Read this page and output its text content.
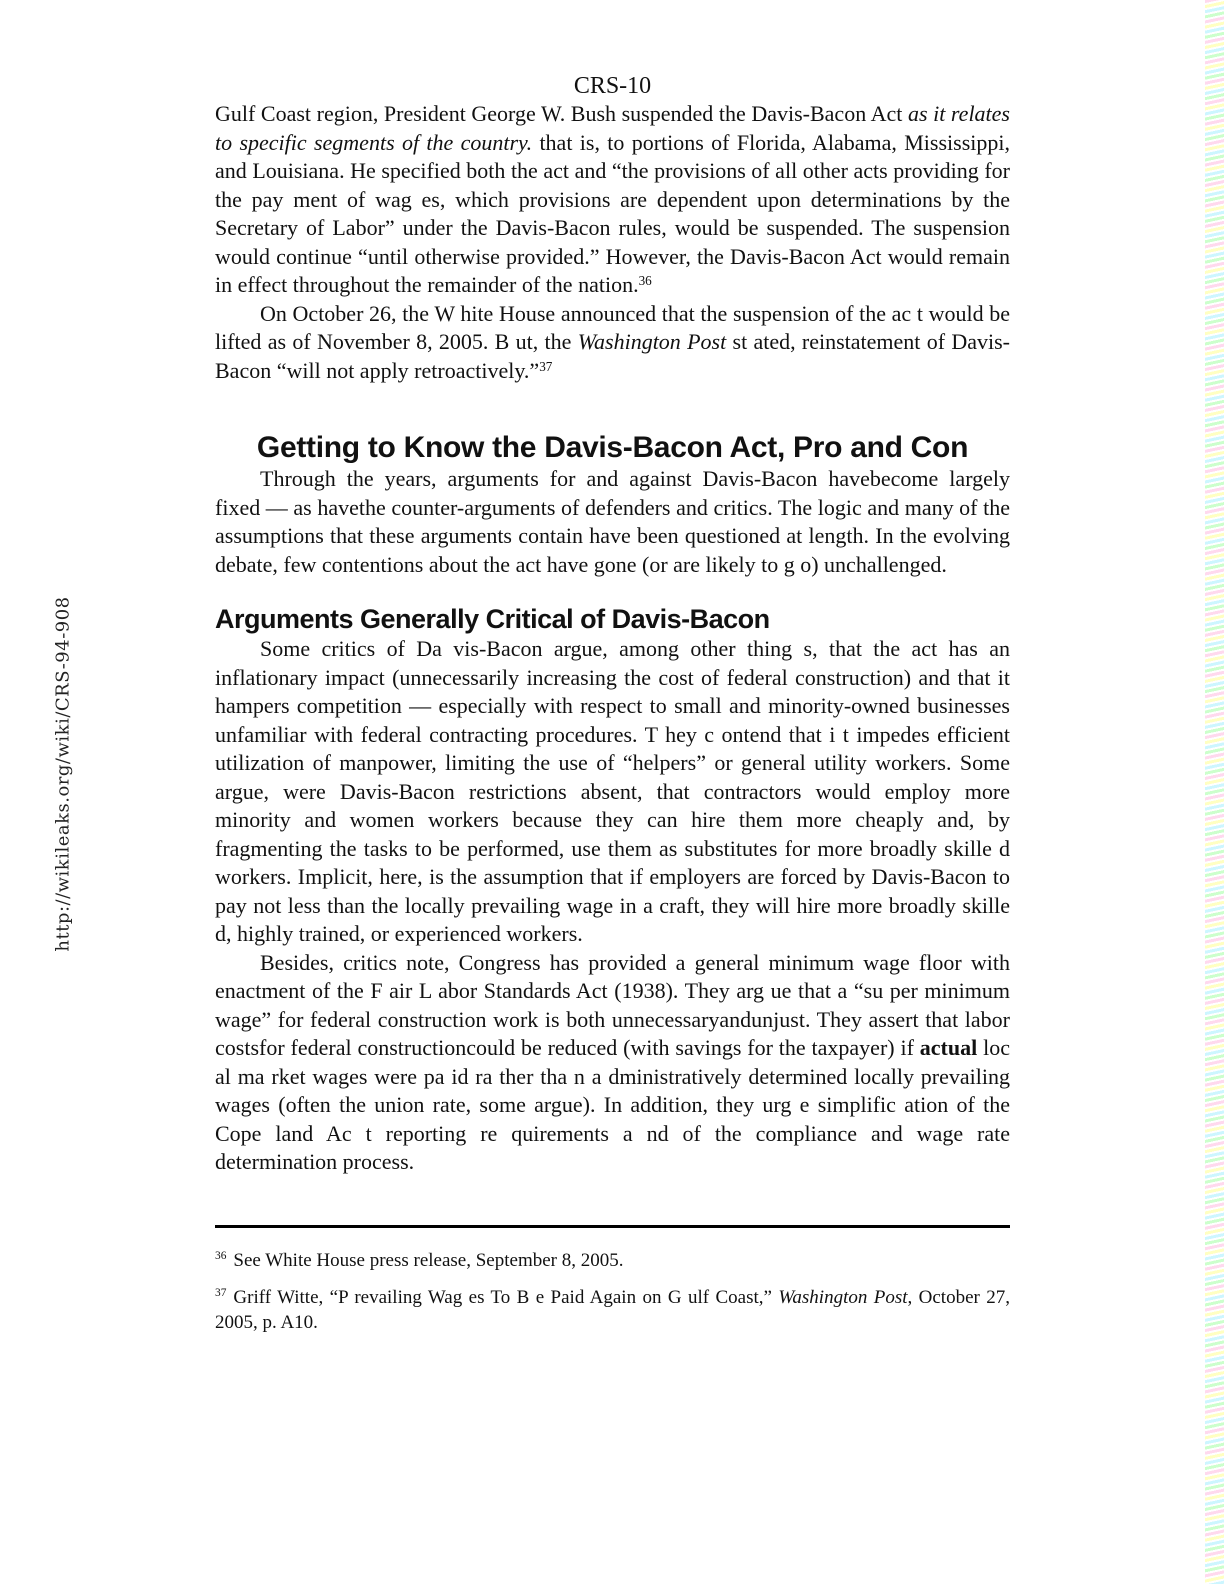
http://wikileaks.org/wiki/CRS-94-908
CRS-10

Gulf Coast region, President George W. Bush suspended the Davis-Bacon Act as it relates to specific segments of the country. that is, to portions of Florida, Alabama, Mississippi, and Louisiana. He specified both the act and “the provisions of all other acts providing for the pay ment of wag es, which provisions are dependent upon determinations by the Secretary of Labor” under the Davis-Bacon rules, would be suspended. The suspension would continue “until otherwise provided.” However, the Davis-Bacon Act would remain in effect throughout the remainder of the nation.$^{36}$

On October 26, the W hite House announced that the suspension of the ac t would be lifted as of November 8, 2005. B ut, the Washington Post st ated, reinstatement of Davis-Bacon “will not apply retroactively.”$^{37}$

Getting to Know the Davis-Bacon Act, Pro and Con

Through the years, arguments for and against Davis-Bacon havebecome largely fixed — as havethe counter-arguments of defenders and critics. The logic and many of the assumptions that these arguments contain have been questioned at length. In the evolving debate, few contentions about the act have gone (or are likely to g o) unchallenged.

Arguments Generally Critical of Davis-Bacon

Some critics of Da vis-Bacon argue, among other thing s, that the act has an inflationary impact (unnecessarily increasing the cost of federal construction) and that it hampers competition — especially with respect to small and minority-owned businesses unfamiliar with federal contracting procedures. T hey c ontend that i t impedes efficient utilization of manpower, limiting the use of “helpers” or general utility workers. Some argue, were Davis-Bacon restrictions absent, that contractors would employ more minority and women workers because they can hire them more cheaply and, by fragmenting the tasks to be performed, use them as substitutes for more broadly skille d workers. Implicit, here, is the assumption that if employers are forced by Davis-Bacon to pay not less than the locally prevailing wage in a craft, they will hire more broadly skille d, highly trained, or experienced workers.

Besides, critics note, Congress has provided a general minimum wage floor with enactment of the F air L abor Standards Act (1938). They arg ue that a “su per minimum wage” for federal construction work is both unnecessaryandunjust. They assert that labor costsfor federal constructioncould be reduced (with savings for the taxpayer) if actual loc al ma rket wages were pa id ra ther tha n a dministratively determined locally prevailing wages (often the union rate, some argue). In addition, they urg e simplific ation of the Cope land Ac t reporting re quirements a nd of the compliance and wage rate determination process.

$^{36}$ See White House press release, September 8, 2005.
$^{37}$ Griff Witte, “P revailing Wag es To B e Paid Again on G ulf Coast,” Washington Post, October 27, 2005, p. A10.
